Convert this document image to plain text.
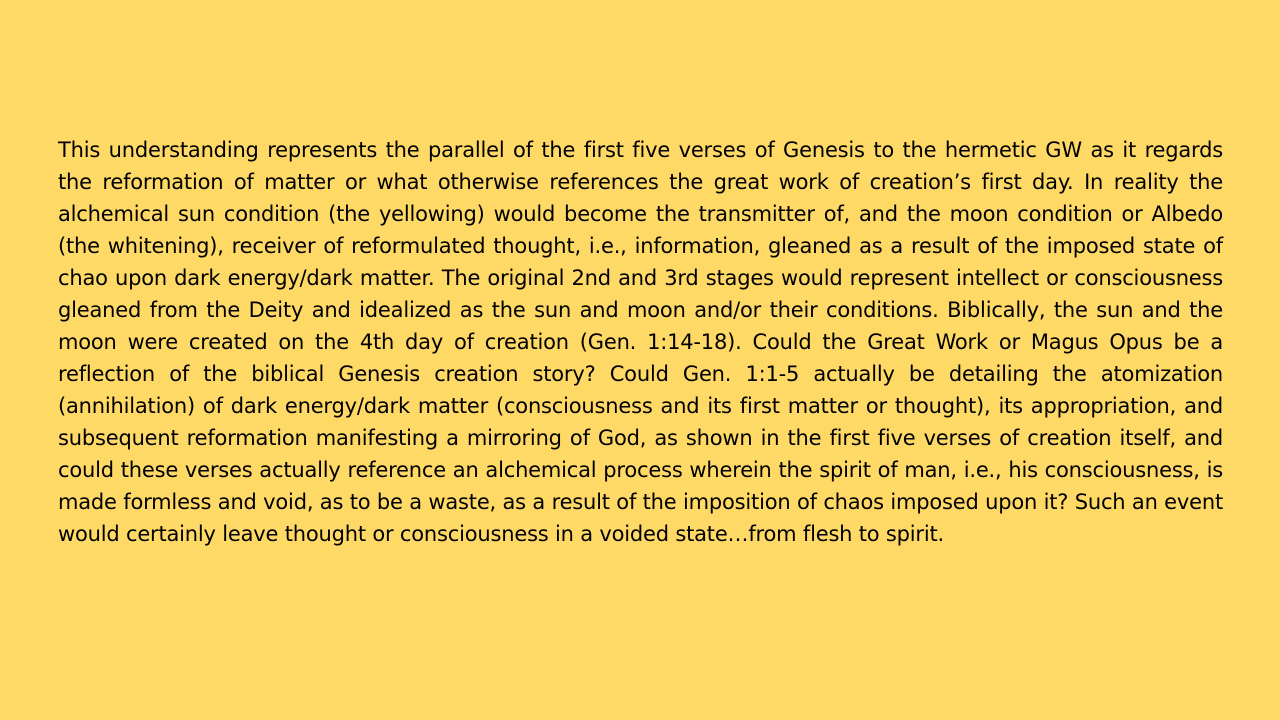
This understanding represents the parallel of the first five verses of Genesis to the hermetic GW as it regards the reformation of matter or what otherwise references the great work of creation’s first day. In reality the alchemical sun condition (the yellowing) would become the transmitter of, and the moon condition or Albedo (the whitening), receiver of reformulated thought, i.e., information, gleaned as a result of the imposed state of chao upon dark energy/dark matter. The original 2nd and 3rd stages would represent intellect or consciousness gleaned from the Deity and idealized as the sun and moon and/or their conditions. Biblically, the sun and the moon were created on the 4th day of creation (Gen. 1:14-18). Could the Great Work or Magus Opus be a reflection of the biblical Genesis creation story? Could Gen. 1:1-5 actually be detailing the atomization (annihilation) of dark energy/dark matter (consciousness and its first matter or thought), its appropriation, and subsequent reformation manifesting a mirroring of God, as shown in the first five verses of creation itself, and could these verses actually reference an alchemical process wherein the spirit of man, i.e., his consciousness, is made formless and void, as to be a waste, as a result of the imposition of chaos imposed upon it? Such an event would certainly leave thought or consciousness in a voided state…from flesh to spirit.
